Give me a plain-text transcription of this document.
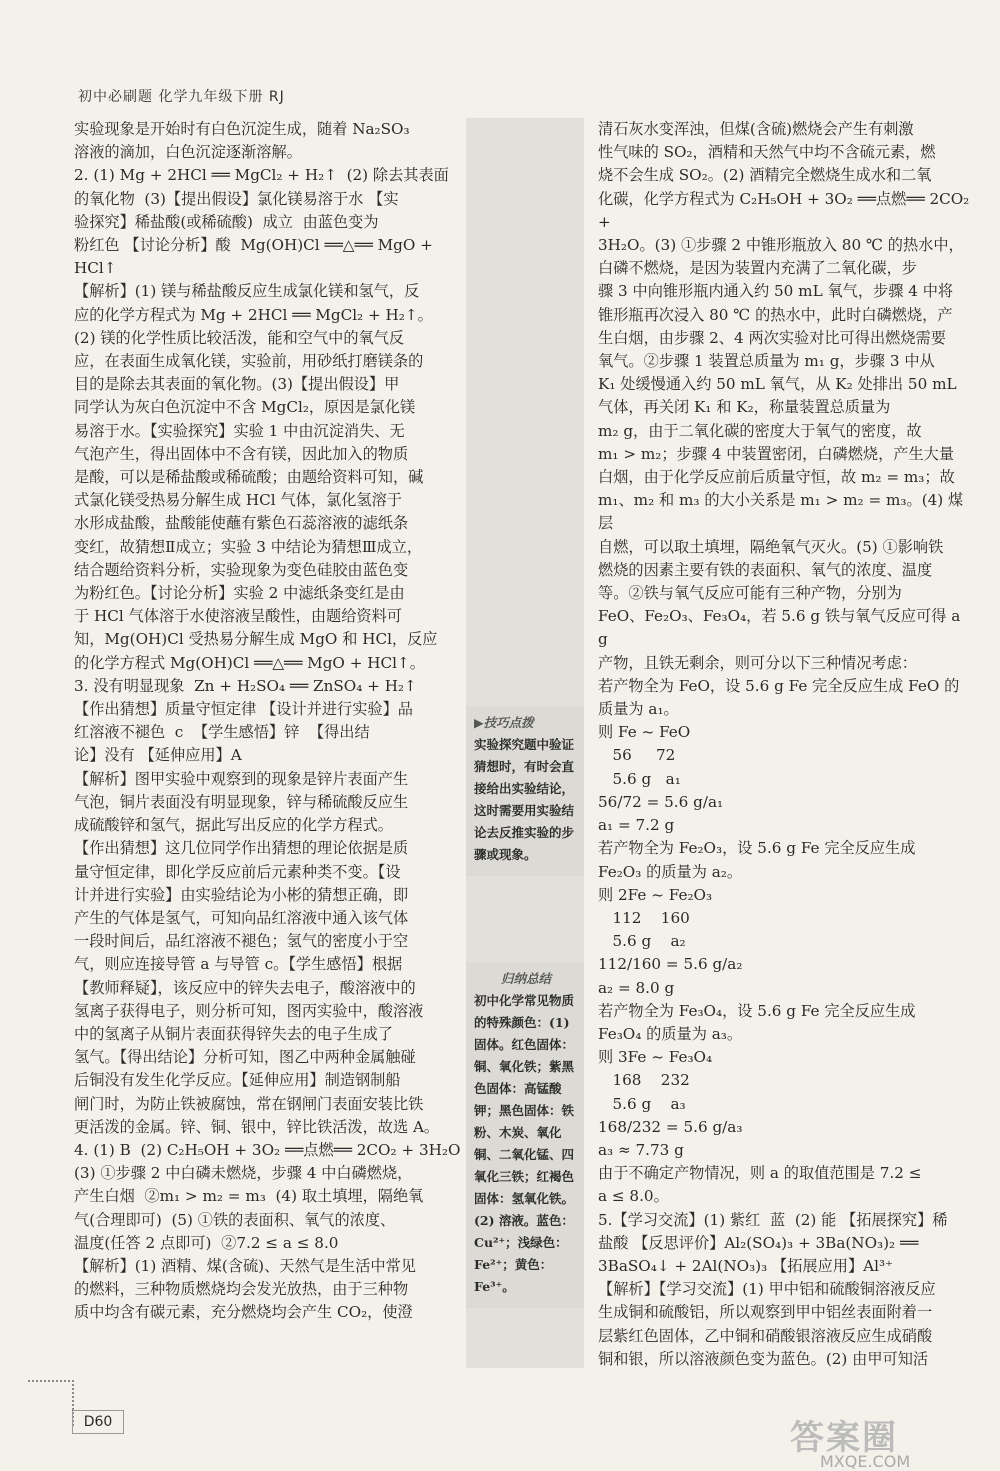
初中必刷题 化学九年级下册 RJ

实验现象是开始时有白色沉淀生成，随着 Na₂SO₃

溶液的滴加，白色沉淀逐渐溶解。

2. (1) Mg + 2HCl ══ MgCl₂ + H₂↑  (2) 除去其表面

的氧化物  (3)【提出假设】氯化镁易溶于水 【实

验探究】稀盐酸(或稀硫酸)  成立  由蓝色变为

粉红色 【讨论分析】酸  Mg(OH)Cl ══△══ MgO +

HCl↑

【解析】(1) 镁与稀盐酸反应生成氯化镁和氢气，反

应的化学方程式为 Mg + 2HCl ══ MgCl₂ + H₂↑。

(2) 镁的化学性质比较活泼，能和空气中的氧气反

应，在表面生成氧化镁，实验前，用砂纸打磨镁条的

目的是除去其表面的氧化物。(3)【提出假设】甲

同学认为灰白色沉淀中不含 MgCl₂，原因是氯化镁

易溶于水。【实验探究】实验 1 中由沉淀消失、无

气泡产生，得出固体中不含有镁，因此加入的物质

是酸，可以是稀盐酸或稀硫酸；由题给资料可知，碱

式氯化镁受热易分解生成 HCl 气体，氯化氢溶于

水形成盐酸，盐酸能使蘸有紫色石蕊溶液的滤纸条

变红，故猜想Ⅱ成立；实验 3 中结论为猜想Ⅲ成立，

结合题给资料分析，实验现象为变色硅胶由蓝色变

为粉红色。【讨论分析】实验 2 中滤纸条变红是由

于 HCl 气体溶于水使溶液呈酸性，由题给资料可

知，Mg(OH)Cl 受热易分解生成 MgO 和 HCl，反应

的化学方程式 Mg(OH)Cl ══△══ MgO + HCl↑。

3. 没有明显现象  Zn + H₂SO₄ ══ ZnSO₄ + H₂↑

【作出猜想】质量守恒定律 【设计并进行实验】品

红溶液不褪色  c  【学生感悟】锌  【得出结

论】没有 【延伸应用】A

【解析】图甲实验中观察到的现象是锌片表面产生

气泡，铜片表面没有明显现象，锌与稀硫酸反应生

成硫酸锌和氢气，据此写出反应的化学方程式。

【作出猜想】这几位同学作出猜想的理论依据是质

量守恒定律，即化学反应前后元素种类不变。【设

计并进行实验】由实验结论为小彬的猜想正确，即

产生的气体是氢气，可知向品红溶液中通入该气体

一段时间后，品红溶液不褪色；氢气的密度小于空

气，则应连接导管 a 与导管 c。【学生感悟】根据

【教师释疑】，该反应中的锌失去电子，酸溶液中的

氢离子获得电子，则分析可知，图丙实验中，酸溶液

中的氢离子从铜片表面获得锌失去的电子生成了

氢气。【得出结论】分析可知，图乙中两种金属触碰

后铜没有发生化学反应。【延伸应用】制造钢制船

闸门时，为防止铁被腐蚀，常在钢闸门表面安装比铁

更活泼的金属。锌、铜、银中，锌比铁活泼，故选 A。

4. (1) B  (2) C₂H₅OH + 3O₂ ══点燃══ 2CO₂ + 3H₂O

(3) ①步骤 2 中白磷未燃烧，步骤 4 中白磷燃烧，

产生白烟  ②m₁ > m₂ = m₃  (4) 取土填埋，隔绝氧

气(合理即可)  (5) ①铁的表面积、氧气的浓度、

温度(任答 2 点即可)  ②7.2 ≤ a ≤ 8.0

【解析】(1) 酒精、煤(含硫)、天然气是生活中常见

的燃料，三种物质燃烧均会发光放热，由于三种物

质中均含有碳元素，充分燃烧均会产生 CO₂，使澄

清石灰水变浑浊，但煤(含硫)燃烧会产生有刺激

性气味的 SO₂，酒精和天然气中均不含硫元素，燃

烧不会生成 SO₂。(2) 酒精完全燃烧生成水和二氧

化碳，化学方程式为 C₂H₅OH + 3O₂ ══点燃══ 2CO₂ +

3H₂O。(3) ①步骤 2 中锥形瓶放入 80 ℃ 的热水中，

白磷不燃烧，是因为装置内充满了二氧化碳，步

骤 3 中向锥形瓶内通入约 50 mL 氧气，步骤 4 中将

锥形瓶再次浸入 80 ℃ 的热水中，此时白磷燃烧，产

生白烟，由步骤 2、4 两次实验对比可得出燃烧需要

氧气。②步骤 1 装置总质量为 m₁ g，步骤 3 中从

K₁ 处缓慢通入约 50 mL 氧气，从 K₂ 处排出 50 mL

气体，再关闭 K₁ 和 K₂，称量装置总质量为

m₂ g，由于二氧化碳的密度大于氧气的密度，故

m₁ > m₂；步骤 4 中装置密闭，白磷燃烧，产生大量

白烟，由于化学反应前后质量守恒，故 m₂ = m₃；故

m₁、m₂ 和 m₃ 的大小关系是 m₁ > m₂ = m₃。(4) 煤层

自燃，可以取土填埋，隔绝氧气灭火。(5) ①影响铁

燃烧的因素主要有铁的表面积、氧气的浓度、温度

等。②铁与氧气反应可能有三种产物，分别为

FeO、Fe₂O₃、Fe₃O₄，若 5.6 g 铁与氧气反应可得 a g

产物，且铁无剩余，则可分以下三种情况考虑：

若产物全为 FeO，设 5.6 g Fe 完全反应生成 FeO 的

质量为 a₁。

则 Fe ~ FeO

56     72

5.6 g   a₁

56/72 = 5.6 g/a₁

a₁ = 7.2 g

若产物全为 Fe₂O₃，设 5.6 g Fe 完全反应生成

Fe₂O₃ 的质量为 a₂。

则 2Fe ~ Fe₂O₃

112    160

5.6 g    a₂

112/160 = 5.6 g/a₂

a₂ = 8.0 g

若产物全为 Fe₃O₄，设 5.6 g Fe 完全反应生成

Fe₃O₄ 的质量为 a₃。

则 3Fe ~ Fe₃O₄

168    232

5.6 g    a₃

168/232 = 5.6 g/a₃

a₃ ≈ 7.73 g

由于不确定产物情况，则 a 的取值范围是 7.2 ≤

a ≤ 8.0。

5.【学习交流】(1) 紫红  蓝  (2) 能 【拓展探究】稀

盐酸 【反思评价】Al₂(SO₄)₃ + 3Ba(NO₃)₂ ══

3BaSO₄↓ + 2Al(NO₃)₃ 【拓展应用】Al³⁺

【解析】【学习交流】(1) 甲中铝和硫酸铜溶液反应

生成铜和硫酸铝，所以观察到甲中铝丝表面附着一

层紫红色固体，乙中铜和硝酸银溶液反应生成硝酸

铜和银，所以溶液颜色变为蓝色。(2) 由甲可知活

▶技巧点拨
实验探究题中验证猜想时，有时会直接给出实验结论，这时需要用实验结论去反推实验的步骤或现象。
归纳总结
初中化学常见物质的特殊颜色：(1) 固体。红色固体：铜、氧化铁；紫黑色固体：高锰酸钾；黑色固体：铁粉、木炭、氧化铜、二氧化锰、四氧化三铁；红褐色固体：氢氧化铁。(2) 溶液。蓝色：Cu²⁺；浅绿色：Fe²⁺；黄色：Fe³⁺。
D60	答案圈
MXQE.COM
